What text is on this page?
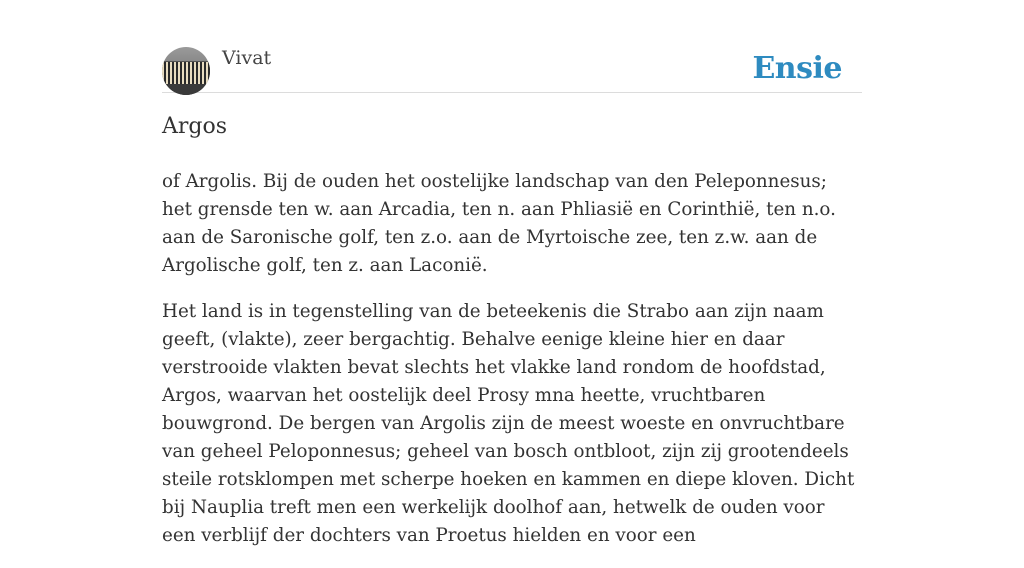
Vivat	Ensie
Argos

of Argolis. Bij de ouden het oostelijke landschap van den Peleponnesus; het grensde ten w. aan Arcadia, ten n. aan Phliasië en Corinthië, ten n.o. aan de Saronische golf, ten z.o. aan de Myrtoische zee, ten z.w. aan de Argolische golf, ten z. aan Laconië.

Het land is in tegenstelling van de beteekenis die Strabo aan zijn naam geeft, (vlakte), zeer bergachtig. Behalve eenige kleine hier en daar verstrooide vlakten bevat slechts het vlakke land rondom de hoofdstad, Argos, waarvan het oostelijk deel Prosy mna heette, vruchtbaren bouwgrond. De bergen van Argolis zijn de meest woeste en onvruchtbare van geheel Peloponnesus; geheel van bosch ontbloot, zijn zij grootendeels steile rotsklompen met scherpe hoeken en kammen en diepe kloven. Dicht bij Nauplia treft men een werkelijk doolhof aan, hetwelk de ouden voor een verblijf der dochters van Proetus hielden en voor een
